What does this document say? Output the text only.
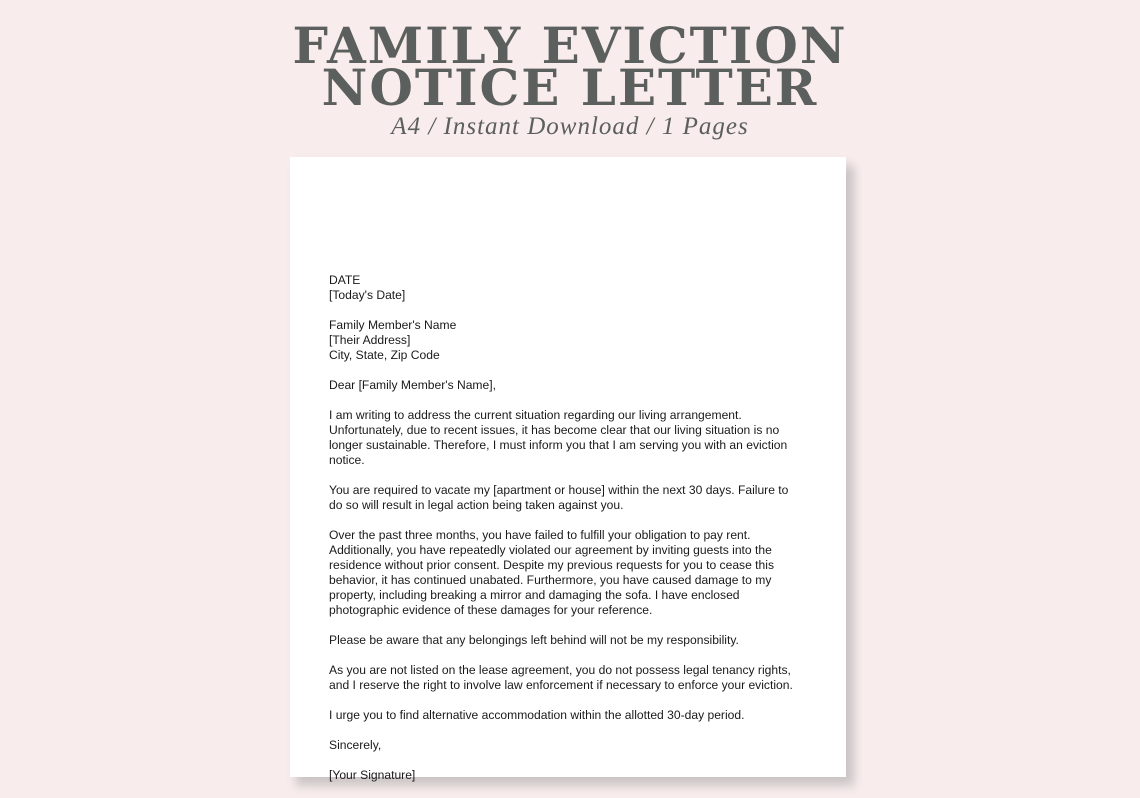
FAMILY EVICTION
NOTICE LETTER
A4 / Instant Download / 1 Pages

DATE
[Today's Date]

Family Member's Name
[Their Address]
City, State, Zip Code

Dear [Family Member's Name],

I am writing to address the current situation regarding our living arrangement. Unfortunately, due to recent issues, it has become clear that our living situation is no longer sustainable. Therefore, I must inform you that I am serving you with an eviction notice.

You are required to vacate my [apartment or house] within the next 30 days. Failure to do so will result in legal action being taken against you.

Over the past three months, you have failed to fulfill your obligation to pay rent. Additionally, you have repeatedly violated our agreement by inviting guests into the residence without prior consent. Despite my previous requests for you to cease this behavior, it has continued unabated. Furthermore, you have caused damage to my property, including breaking a mirror and damaging the sofa. I have enclosed photographic evidence of these damages for your reference.

Please be aware that any belongings left behind will not be my responsibility.

As you are not listed on the lease agreement, you do not possess legal tenancy rights, and I reserve the right to involve law enforcement if necessary to enforce your eviction.

I urge you to find alternative accommodation within the allotted 30-day period.

Sincerely,

[Your Signature]
